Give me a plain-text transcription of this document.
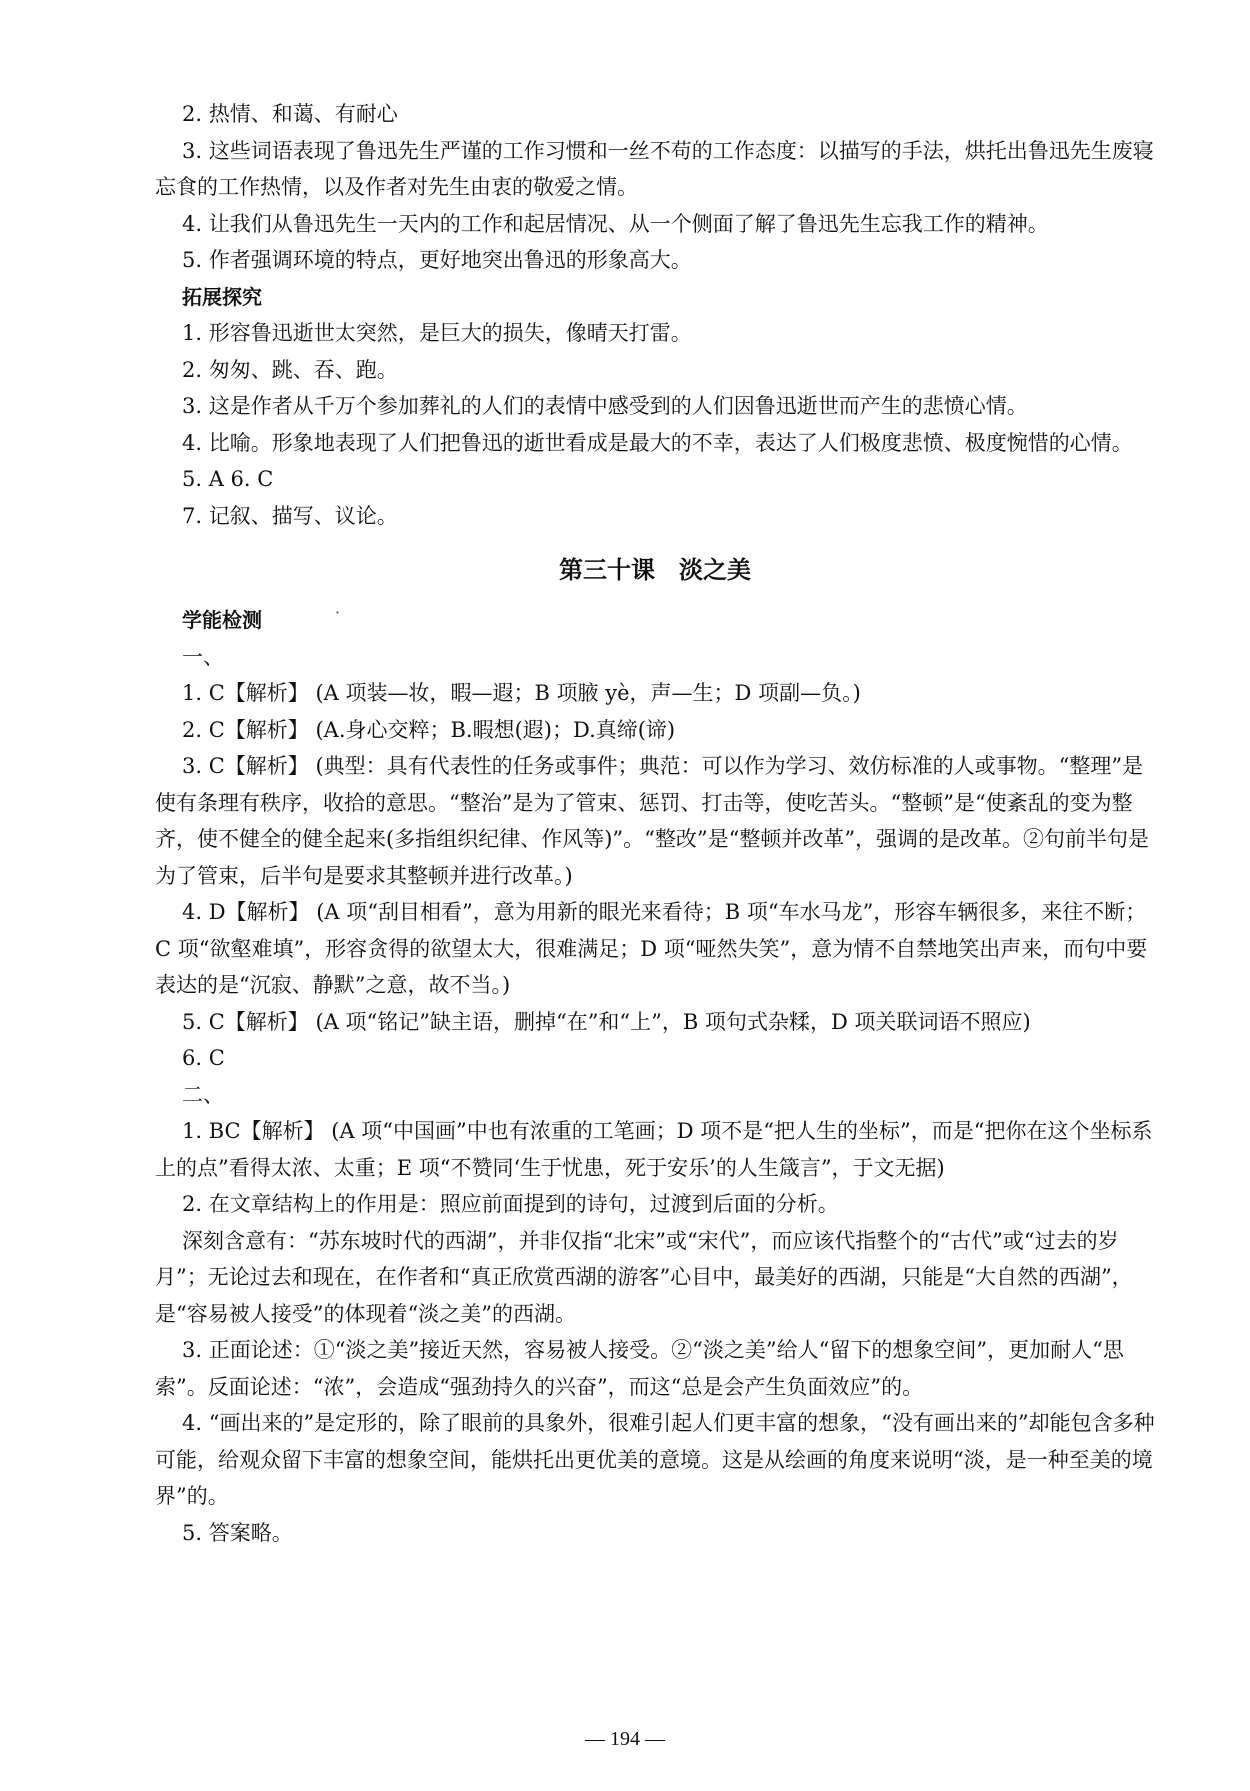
2. 热情、和蔼、有耐心

3. 这些词语表现了鲁迅先生严谨的工作习惯和一丝不苟的工作态度：以描写的手法，烘托出鲁迅先生废寝忘食的工作热情，以及作者对先生由衷的敬爱之情。

4. 让我们从鲁迅先生一天内的工作和起居情况、从一个侧面了解了鲁迅先生忘我工作的精神。

5. 作者强调环境的特点，更好地突出鲁迅的形象高大。

拓展探究

1. 形容鲁迅逝世太突然，是巨大的损失，像晴天打雷。

2. 匆匆、跳、吞、跑。

3. 这是作者从千万个参加葬礼的人们的表情中感受到的人们因鲁迅逝世而产生的悲愤心情。

4. 比喻。形象地表现了人们把鲁迅的逝世看成是最大的不幸，表达了人们极度悲愤、极度惋惜的心情。

5. A 6. C

7. 记叙、描写、议论。

第三十课　淡之美

学能检测

一、

1. C【解析】 (A 项装—妆，暇—遐；B 项腋 yè，声—生；D 项副—负。)

2. C【解析】 (A.身心交粹；B.暇想(遐)；D.真缔(谛)

3. C【解析】 (典型：具有代表性的任务或事件；典范：可以作为学习、效仿标准的人或事物。“整理”是使有条理有秩序，收拾的意思。“整治”是为了管束、惩罚、打击等，使吃苦头。“整顿”是“使紊乱的变为整齐，使不健全的健全起来(多指组织纪律、作风等)”。“整改”是“整顿并改革”，强调的是改革。②句前半句是为了管束，后半句是要求其整顿并进行改革。)

4. D【解析】 (A 项“刮目相看”，意为用新的眼光来看待；B 项“车水马龙”，形容车辆很多，来往不断；C 项“欲壑难填”，形容贪得的欲望太大，很难满足；D 项“哑然失笑”，意为情不自禁地笑出声来，而句中要表达的是“沉寂、静默”之意，故不当。)

5. C【解析】 (A 项“铭记”缺主语，删掉“在”和“上”，B 项句式杂糅，D 项关联词语不照应)

6. C

二、

1. BC【解析】 (A 项“中国画”中也有浓重的工笔画；D 项不是“把人生的坐标”，而是“把你在这个坐标系上的点”看得太浓、太重；E 项“不赞同‘生于忧患，死于安乐’的人生箴言”，于文无据)

2. 在文章结构上的作用是：照应前面提到的诗句，过渡到后面的分析。

深刻含意有：“苏东坡时代的西湖”，并非仅指“北宋”或“宋代”，而应该代指整个的“古代”或“过去的岁月”；无论过去和现在，在作者和“真正欣赏西湖的游客”心目中，最美好的西湖，只能是“大自然的西湖”，是“容易被人接受”的体现着“淡之美”的西湖。

3. 正面论述：①“淡之美”接近天然，容易被人接受。②“淡之美”给人“留下的想象空间”，更加耐人“思索”。反面论述：“浓”，会造成“强劲持久的兴奋”，而这“总是会产生负面效应”的。

4. “画出来的”是定形的，除了眼前的具象外，很难引起人们更丰富的想象，“没有画出来的”却能包含多种可能，给观众留下丰富的想象空间，能烘托出更优美的意境。这是从绘画的角度来说明“淡，是一种至美的境界”的。

5. 答案略。

·
— 194 —
